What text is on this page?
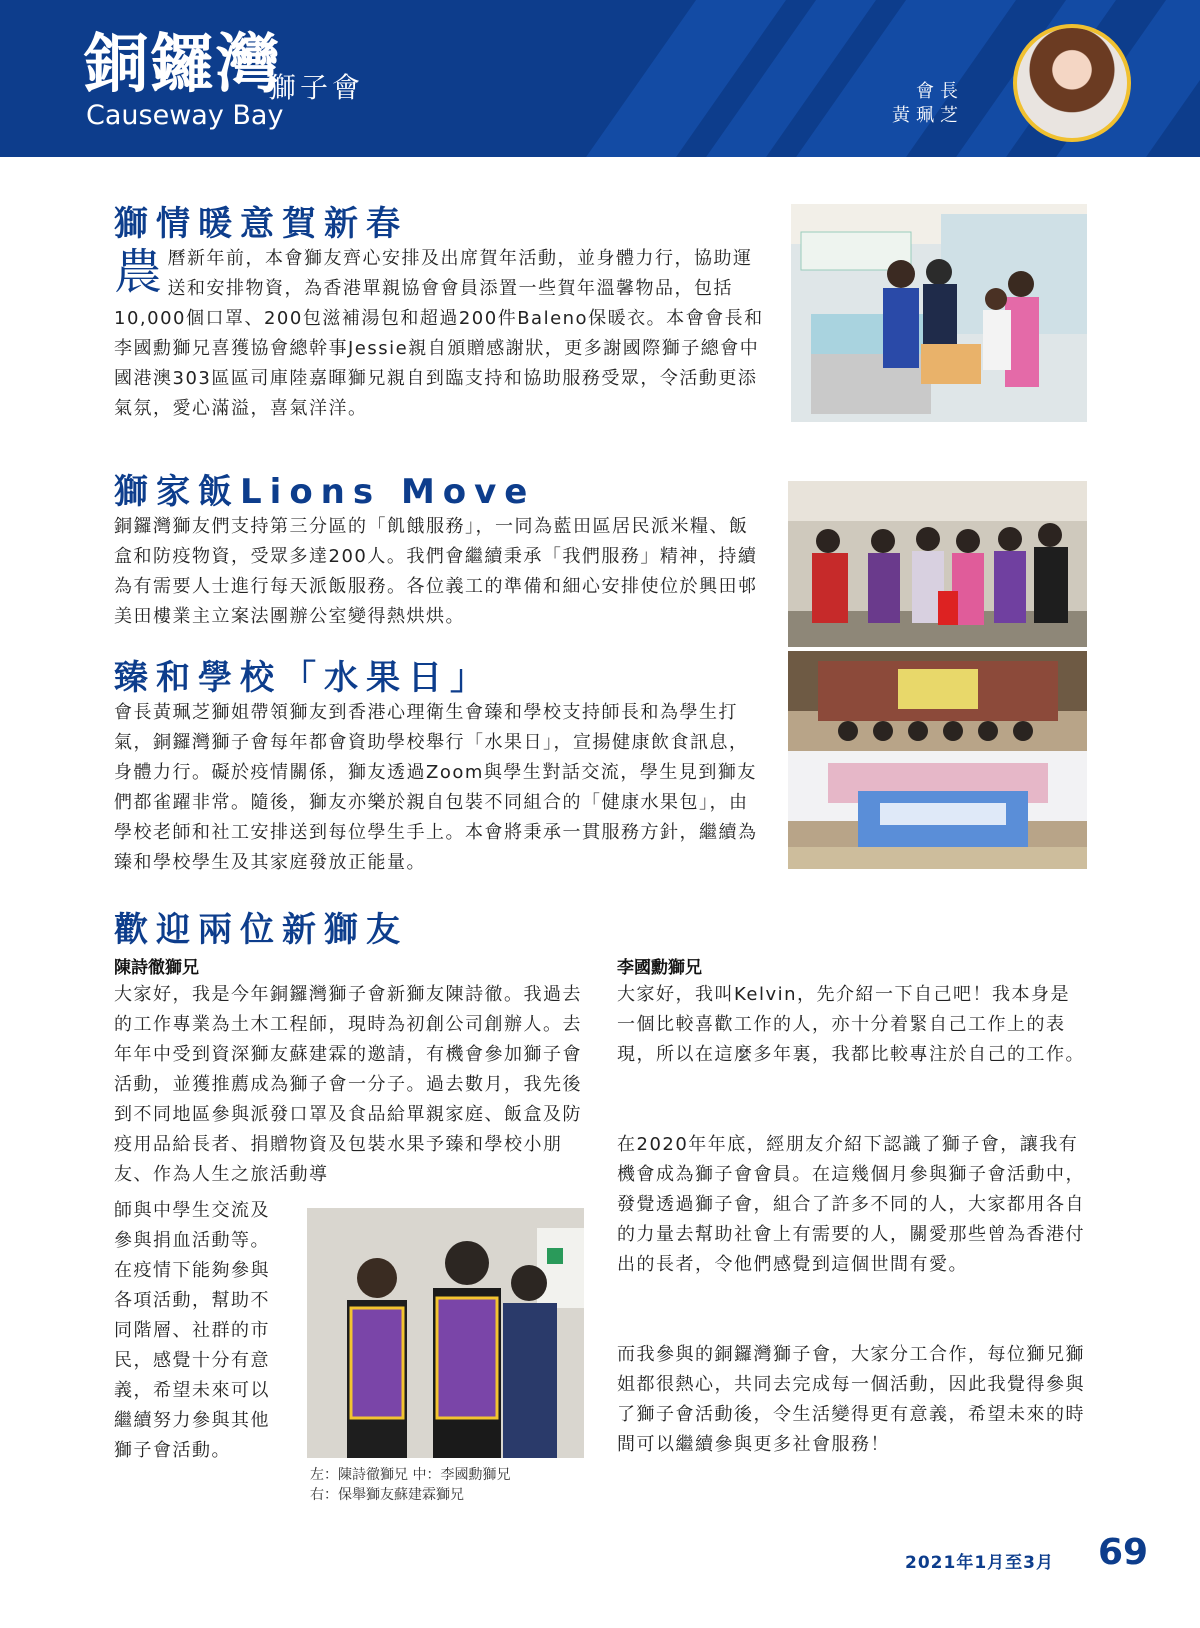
銅鑼灣
獅子會
Causeway Bay
會長
黃珮芝
獅情暖意賀新春
農曆新年前，本會獅友齊心安排及出席賀年活動，並身體力行，協助運送和安排物資，為香港單親協會會員添置一些賀年溫馨物品，包括10,000個口罩、200包滋補湯包和超過200件Baleno保暖衣。本會會長和李國勳獅兄喜獲協會總幹事Jessie親自頒贈感謝狀，更多謝國際獅子總會中國港澳303區區司庫陸嘉暉獅兄親自到臨支持和協助服務受眾，令活動更添氣氛，愛心滿溢，喜氣洋洋。
獅家飯Lions Move
銅鑼灣獅友們支持第三分區的「飢餓服務」，一同為藍田區居民派米糧、飯盒和防疫物資，受眾多達200人。我們會繼續秉承「我們服務」精神，持續為有需要人士進行每天派飯服務。各位義工的準備和細心安排使位於興田邨美田樓業主立案法團辦公室變得熱烘烘。
臻和學校「水果日」
會長黃珮芝獅姐帶領獅友到香港心理衛生會臻和學校支持師長和為學生打氣，銅鑼灣獅子會每年都會資助學校舉行「水果日」，宣揚健康飲食訊息，身體力行。礙於疫情關係，獅友透過Zoom與學生對話交流，學生見到獅友們都雀躍非常。隨後，獅友亦樂於親自包裝不同組合的「健康水果包」，由學校老師和社工安排送到每位學生手上。本會將秉承一貫服務方針，繼續為臻和學校學生及其家庭發放正能量。
歡迎兩位新獅友
陳詩徹獅兄
大家好，我是今年銅鑼灣獅子會新獅友陳詩徹。我過去的工作專業為土木工程師，現時為初創公司創辦人。去年年中受到資深獅友蘇建霖的邀請，有機會參加獅子會活動，並獲推薦成為獅子會一分子。過去數月，我先後到不同地區參與派發口罩及食品給單親家庭、飯盒及防疫用品給長者、捐贈物資及包裝水果予臻和學校小朋友、作為人生之旅活動導
師與中學生交流及參與捐血活動等。在疫情下能夠參與各項活動，幫助不同階層、社群的市民，感覺十分有意義，希望未來可以繼續努力參與其他獅子會活動。
左：陳詩徹獅兄 中：李國勳獅兄
右：保舉獅友蘇建霖獅兄
李國勳獅兄
大家好，我叫Kelvin，先介紹一下自己吧！我本身是一個比較喜歡工作的人，亦十分着緊自己工作上的表現，所以在這麼多年裏，我都比較專注於自己的工作。
在2020年年底，經朋友介紹下認識了獅子會，讓我有機會成為獅子會會員。在這幾個月參與獅子會活動中，發覺透過獅子會，組合了許多不同的人，大家都用各自的力量去幫助社會上有需要的人，關愛那些曾為香港付出的長者，令他們感覺到這個世間有愛。
而我參與的銅鑼灣獅子會，大家分工合作，每位獅兄獅姐都很熱心，共同去完成每一個活動，因此我覺得參與了獅子會活動後，令生活變得更有意義，希望未來的時間可以繼續參與更多社會服務！
2021年1月至3月 69
